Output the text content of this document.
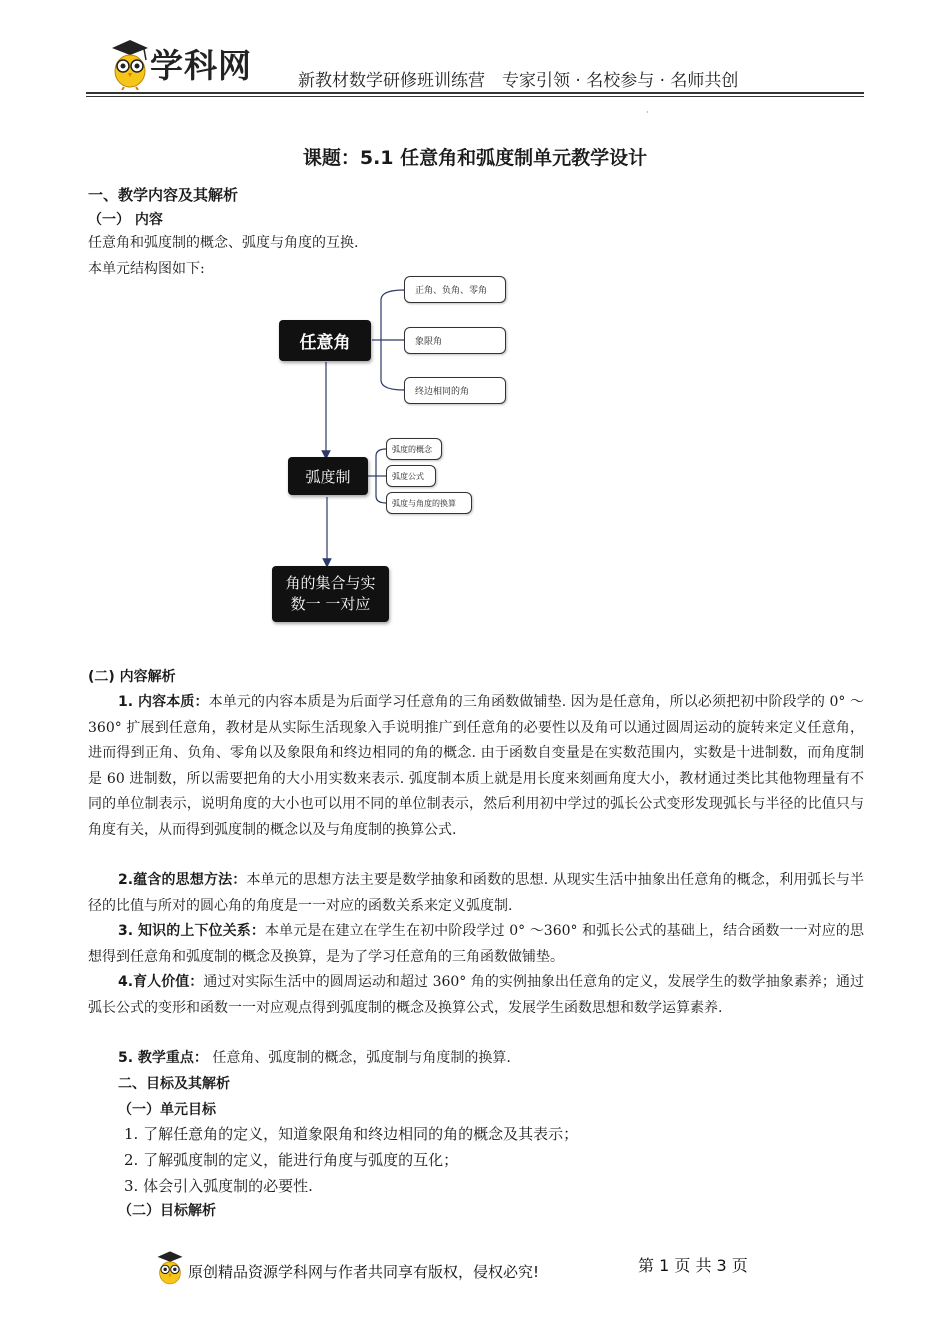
学科网	新教材数学研修班训练营　专家引领 · 名校参与 · 名师共创
·
课题：5.1 任意角和弧度制单元教学设计
一、教学内容及其解析
（一） 内容
任意角和弧度制的概念、弧度与角度的互换.
本单元结构图如下:
任意角
正角、负角、零角
象限角
终边相同的角
弧度制
弧度的概念
弧度公式
弧度与角度的换算
角的集合与实数一 一对应
(二) 内容解析
1. 内容本质：本单元的内容本质是为后面学习任意角的三角函数做铺垫. 因为是任意角，所以必须把初中阶段学的 0° ～360° 扩展到任意角，教材是从实际生活现象入手说明推广到任意角的必要性以及角可以通过圆周运动的旋转来定义任意角，进而得到正角、负角、零角以及象限角和终边相同的角的概念. 由于函数自变量是在实数范围内，实数是十进制数，而角度制是 60 进制数，所以需要把角的大小用实数来表示. 弧度制本质上就是用长度来刻画角度大小，教材通过类比其他物理量有不同的单位制表示，说明角度的大小也可以用不同的单位制表示，然后利用初中学过的弧长公式变形发现弧长与半径的比值只与角度有关，从而得到弧度制的概念以及与角度制的换算公式.
2.蕴含的思想方法：本单元的思想方法主要是数学抽象和函数的思想. 从现实生活中抽象出任意角的概念，利用弧长与半径的比值与所对的圆心角的角度是一一对应的函数关系来定义弧度制.
3. 知识的上下位关系：本单元是在建立在学生在初中阶段学过 0° ～360° 和弧长公式的基础上，结合函数一一对应的思想得到任意角和弧度制的概念及换算，是为了学习任意角的三角函数做铺垫。
4.育人价值：通过对实际生活中的圆周运动和超过 360° 角的实例抽象出任意角的定义，发展学生的数学抽象素养；通过弧长公式的变形和函数一一对应观点得到弧度制的概念及换算公式，发展学生函数思想和数学运算素养.
5. 教学重点： 任意角、弧度制的概念，弧度制与角度制的换算.
二、目标及其解析
（一）单元目标
1. 了解任意角的定义，知道象限角和终边相同的角的概念及其表示；
2. 了解弧度制的定义，能进行角度与弧度的互化；
3. 体会引入弧度制的必要性.
（二）目标解析
原创精品资源学科网与作者共同享有版权，侵权必究!	第 1 页 共 3 页
